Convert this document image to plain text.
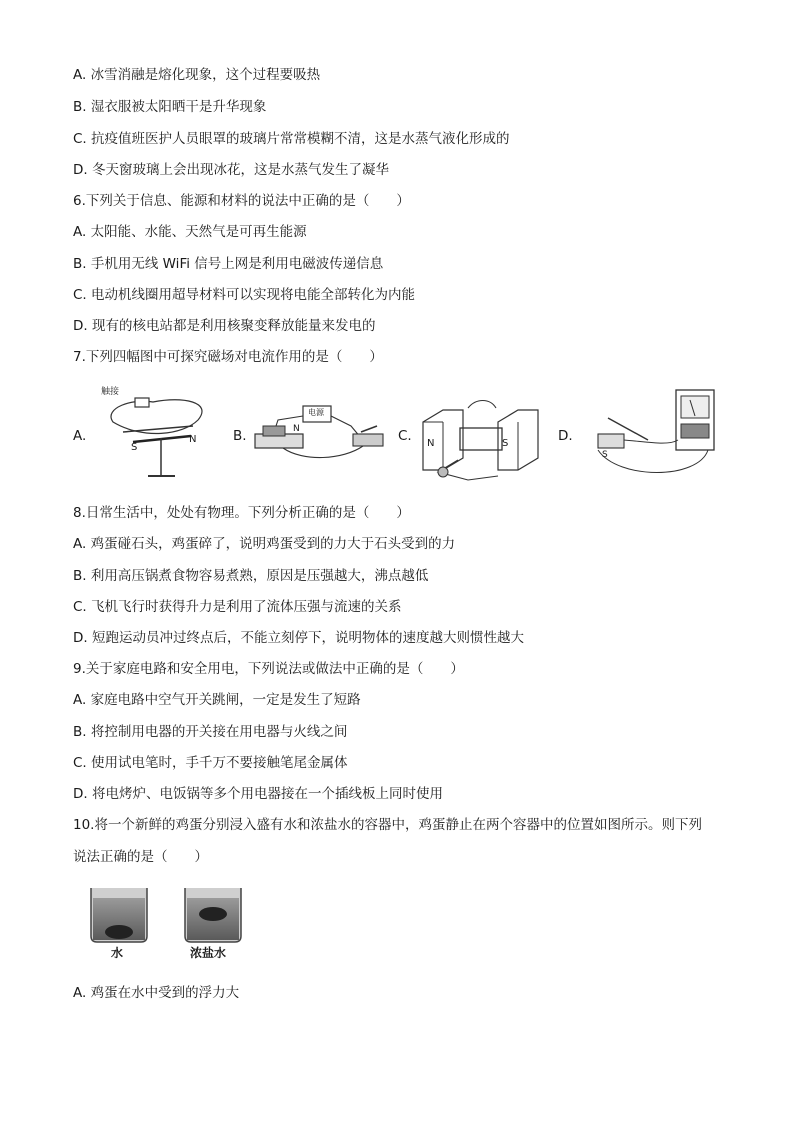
A. 冰雪消融是熔化现象，这个过程要吸热
B. 湿衣服被太阳晒干是升华现象
C. 抗疫值班医护人员眼罩的玻璃片常常模糊不清，这是水蒸气液化形成的
D. 冬天窗玻璃上会出现冰花，这是水蒸气发生了凝华
6.下列关于信息、能源和材料的说法中正确的是（　　）
A. 太阳能、水能、天然气是可再生能源
B. 手机用无线 WiFi 信号上网是利用电磁波传递信息
C. 电动机线圈用超导材料可以实现将电能全部转化为内能
D. 现有的核电站都是利用核聚变释放能量来发电的
7.下列四幅图中可探究磁场对电流作用的是（　　）
A.
触接
S
N	B.	N
电源
C. N	S	D.
S
8.日常生活中，处处有物理。下列分析正确的是（　　）
A. 鸡蛋碰石头，鸡蛋碎了，说明鸡蛋受到的力大于石头受到的力
B. 利用高压锅煮食物容易煮熟，原因是压强越大，沸点越低
C. 飞机飞行时获得升力是利用了流体压强与流速的关系
D. 短跑运动员冲过终点后，不能立刻停下，说明物体的速度越大则惯性越大
9.关于家庭电路和安全用电，下列说法或做法中正确的是（　　）
A. 家庭电路中空气开关跳闸，一定是发生了短路
B. 将控制用电器的开关接在用电器与火线之间
C. 使用试电笔时，手千万不要接触笔尾金属体
D. 将电烤炉、电饭锅等多个用电器接在一个插线板上同时使用
10.将一个新鲜的鸡蛋分别浸入盛有水和浓盐水的容器中，鸡蛋静止在两个容器中的位置如图所示。则下列
说法正确的是（　　）
水	浓盐水
A. 鸡蛋在水中受到的浮力大
